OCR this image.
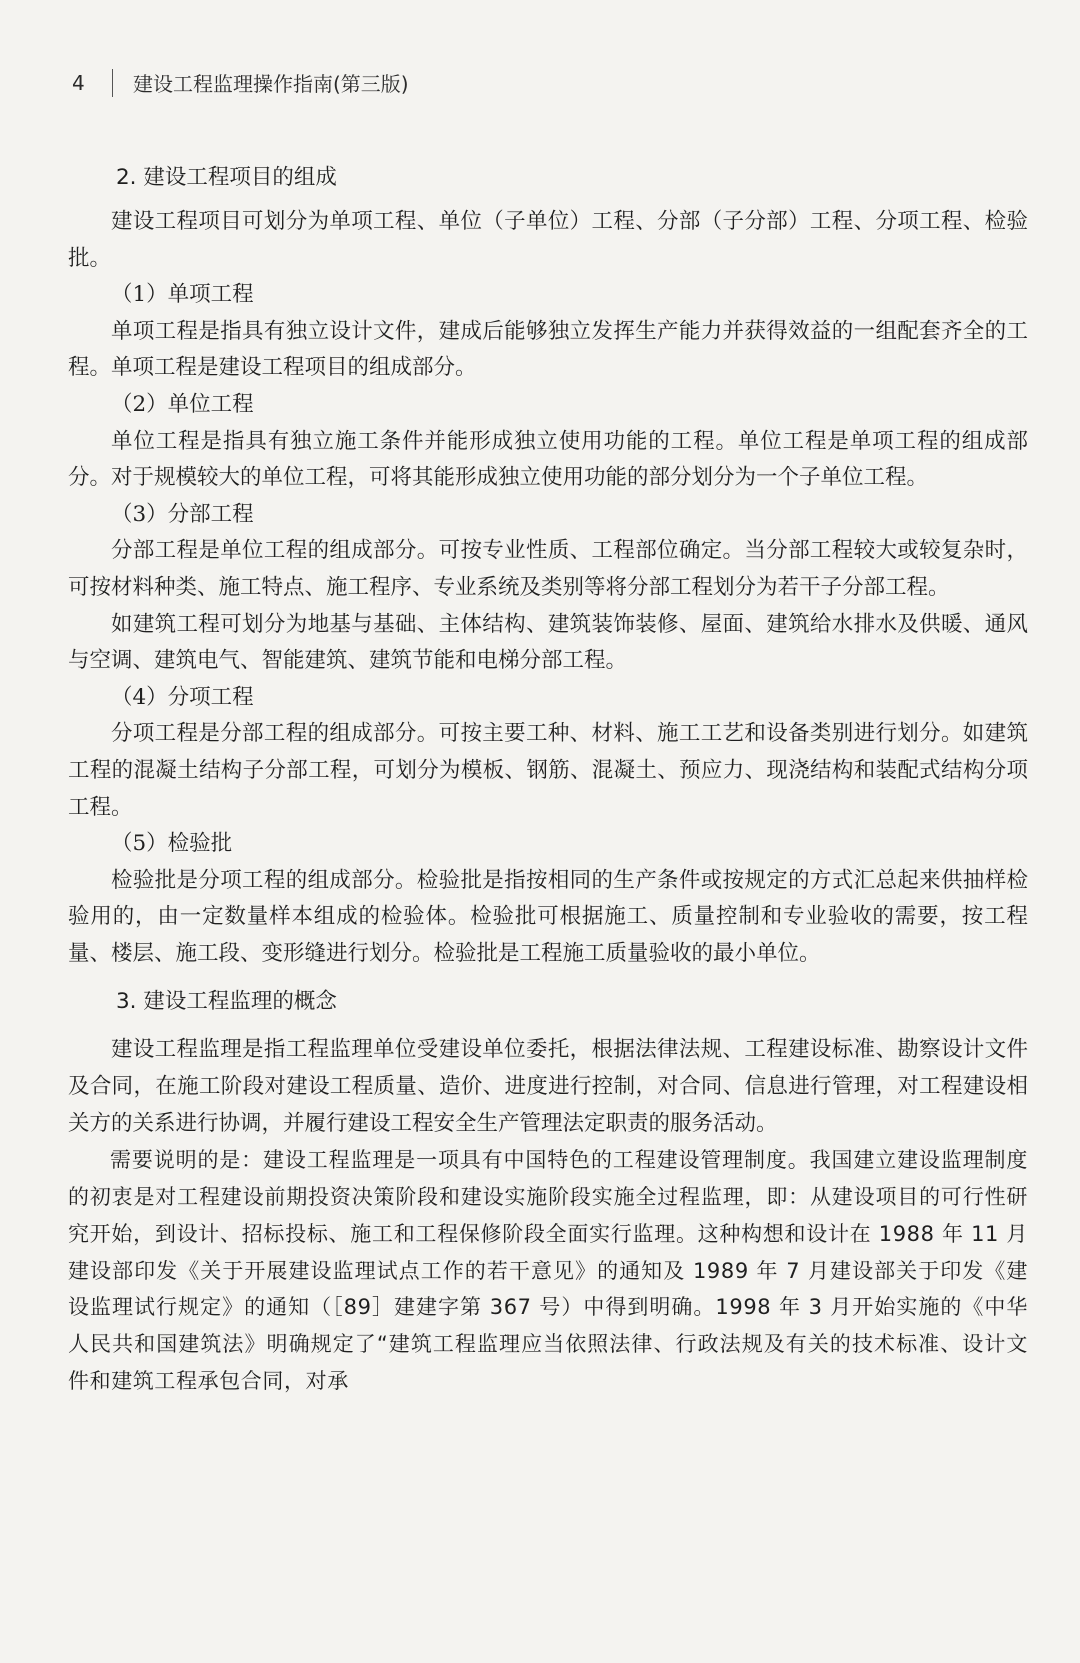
4	建设工程监理操作指南(第三版)
2. 建设工程项目的组成

建设工程项目可划分为单项工程、单位（子单位）工程、分部（子分部）工程、分项工程、检验批。

（1）单项工程

单项工程是指具有独立设计文件，建成后能够独立发挥生产能力并获得效益的一组配套齐全的工程。单项工程是建设工程项目的组成部分。

（2）单位工程

单位工程是指具有独立施工条件并能形成独立使用功能的工程。单位工程是单项工程的组成部分。对于规模较大的单位工程，可将其能形成独立使用功能的部分划分为一个子单位工程。

（3）分部工程

分部工程是单位工程的组成部分。可按专业性质、工程部位确定。当分部工程较大或较复杂时，可按材料种类、施工特点、施工程序、专业系统及类别等将分部工程划分为若干子分部工程。

如建筑工程可划分为地基与基础、主体结构、建筑装饰装修、屋面、建筑给水排水及供暖、通风与空调、建筑电气、智能建筑、建筑节能和电梯分部工程。

（4）分项工程

分项工程是分部工程的组成部分。可按主要工种、材料、施工工艺和设备类别进行划分。如建筑工程的混凝土结构子分部工程，可划分为模板、钢筋、混凝土、预应力、现浇结构和装配式结构分项工程。

（5）检验批

检验批是分项工程的组成部分。检验批是指按相同的生产条件或按规定的方式汇总起来供抽样检验用的，由一定数量样本组成的检验体。检验批可根据施工、质量控制和专业验收的需要，按工程量、楼层、施工段、变形缝进行划分。检验批是工程施工质量验收的最小单位。

3. 建设工程监理的概念

建设工程监理是指工程监理单位受建设单位委托，根据法律法规、工程建设标准、勘察设计文件及合同，在施工阶段对建设工程质量、造价、进度进行控制，对合同、信息进行管理，对工程建设相关方的关系进行协调，并履行建设工程安全生产管理法定职责的服务活动。

需要说明的是：建设工程监理是一项具有中国特色的工程建设管理制度。我国建立建设监理制度的初衷是对工程建设前期投资决策阶段和建设实施阶段实施全过程监理，即：从建设项目的可行性研究开始，到设计、招标投标、施工和工程保修阶段全面实行监理。这种构想和设计在 1988 年 11 月建设部印发《关于开展建设监理试点工作的若干意见》的通知及 1989 年 7 月建设部关于印发《建设监理试行规定》的通知（［89］建建字第 367 号）中得到明确。1998 年 3 月开始实施的《中华人民共和国建筑法》明确规定了“建筑工程监理应当依照法律、行政法规及有关的技术标准、设计文件和建筑工程承包合同，对承
